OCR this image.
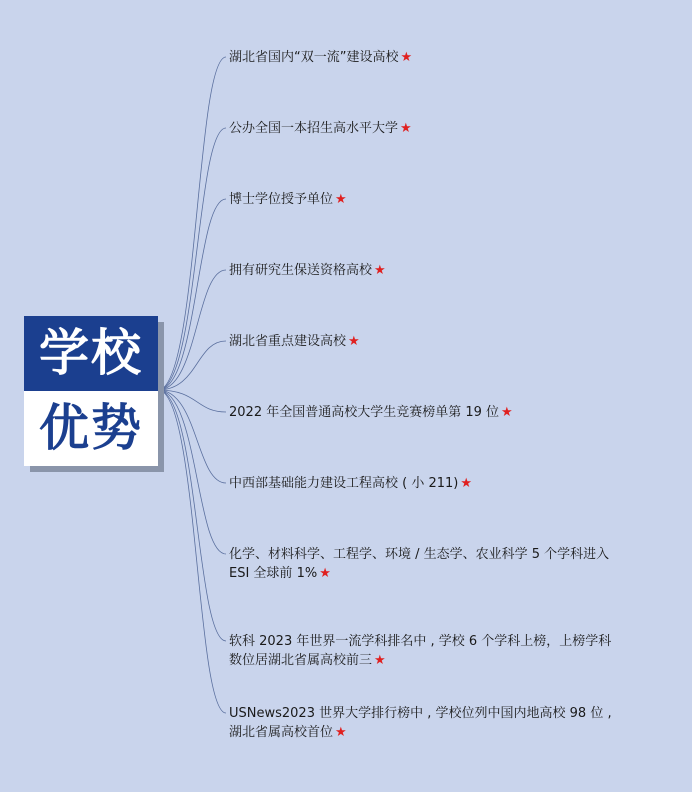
学校
优势
湖北省国内“双一流”建设高校 ★
公办全国一本招生高水平大学 ★
博士学位授予单位 ★
拥有研究生保送资格高校 ★
湖北省重点建设高校 ★
2022 年全国普通高校大学生竞赛榜单第 19 位 ★
中西部基础能力建设工程高校 ( 小 211) ★
化学、材料科学、工程学、环境 / 生态学、农业科学 5 个学科进入 ESI 全球前 1% ★
软科 2023 年世界一流学科排名中 , 学校 6 个学科上榜，上榜学科数位居湖北省属高校前三 ★
USNews2023 世界大学排行榜中 , 学校位列中国内地高校 98 位 , 湖北省属高校首位 ★
